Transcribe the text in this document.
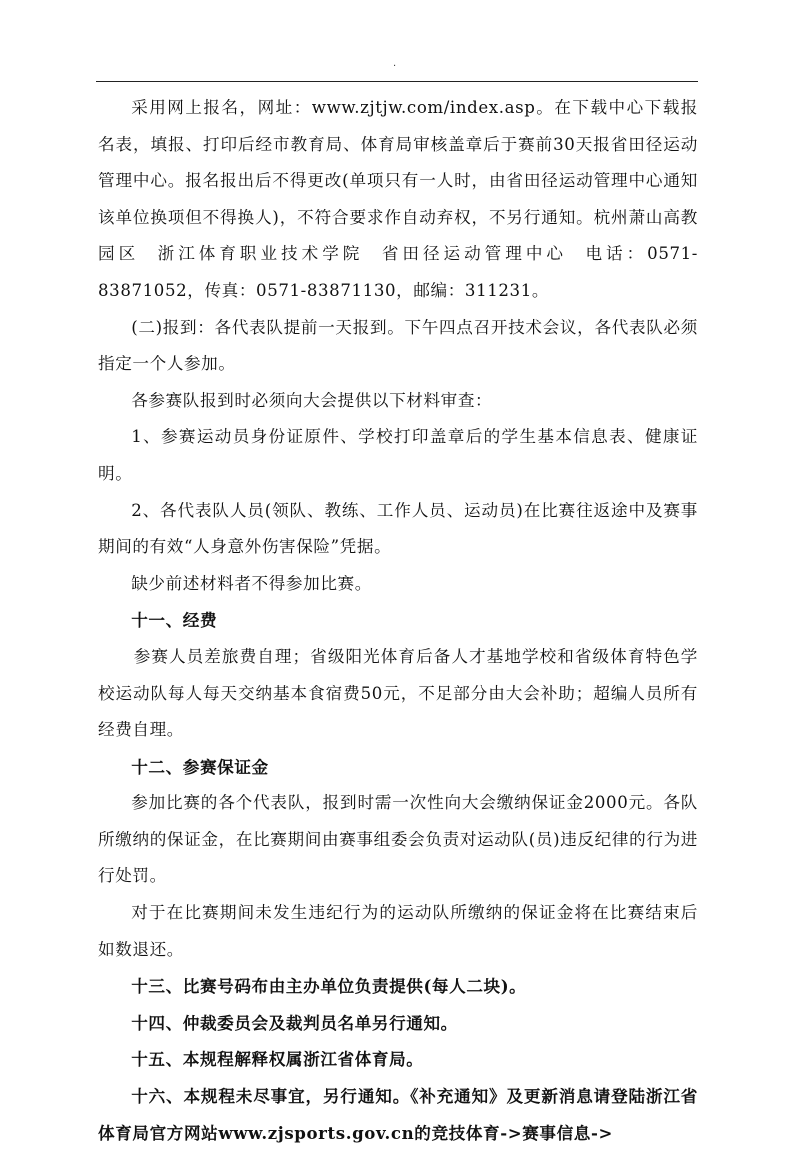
.

采用网上报名，网址：www.zjtjw.com/index.asp。在下载中心下载报名表，填报、打印后经市教育局、体育局审核盖章后于赛前30天报省田径运动管理中心。报名报出后不得更改(单项只有一人时，由省田径运动管理中心通知该单位换项但不得换人)，不符合要求作自动弃权，不另行通知。杭州萧山高教园区  浙江体育职业技术学院  省田径运动管理中心  电话：0571-83871052，传真：0571-83871130，邮编：311231。

(二)报到：各代表队提前一天报到。下午四点召开技术会议，各代表队必须指定一个人参加。

各参赛队报到时必须向大会提供以下材料审查：

1、参赛运动员身份证原件、学校打印盖章后的学生基本信息表、健康证明。

2、各代表队人员(领队、教练、工作人员、运动员)在比赛往返途中及赛事期间的有效“人身意外伤害保险”凭据。

缺少前述材料者不得参加比赛。

十一、经费

参赛人员差旅费自理；省级阳光体育后备人才基地学校和省级体育特色学校运动队每人每天交纳基本食宿费50元，不足部分由大会补助；超编人员所有经费自理。

十二、参赛保证金

参加比赛的各个代表队，报到时需一次性向大会缴纳保证金2000元。各队所缴纳的保证金，在比赛期间由赛事组委会负责对运动队(员)违反纪律的行为进行处罚。

对于在比赛期间未发生违纪行为的运动队所缴纳的保证金将在比赛结束后如数退还。

十三、比赛号码布由主办单位负责提供(每人二块)。

十四、仲裁委员会及裁判员名单另行通知。

十五、本规程解释权属浙江省体育局。

十六、本规程未尽事宜，另行通知。《补充通知》及更新消息请登陆浙江省体育局官方网站www.zjsports.gov.cn的竞技体育->赛事信息->
